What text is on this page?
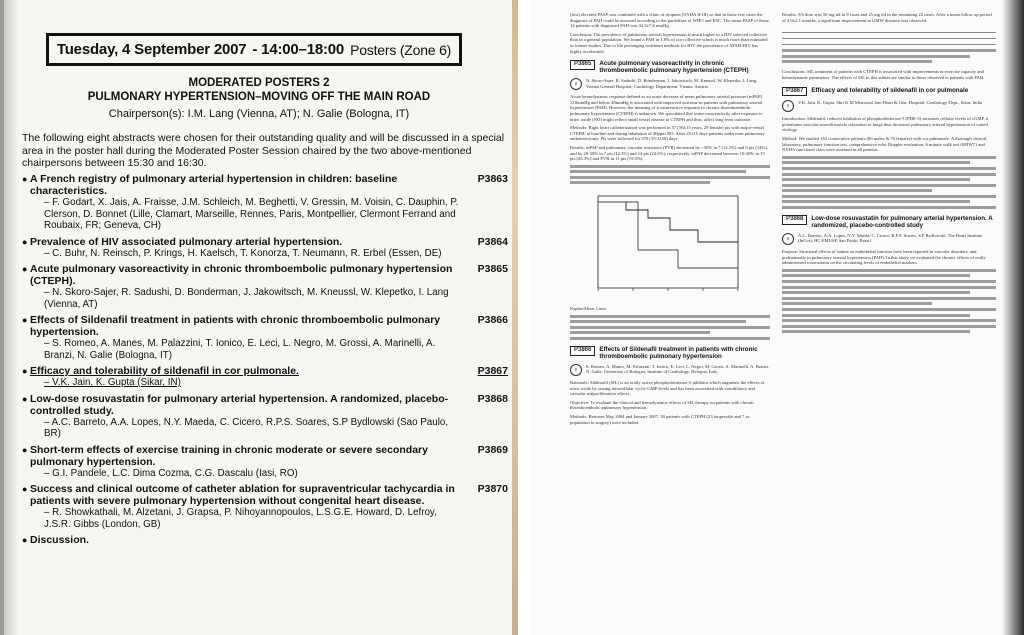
Tuesday, 4 September 2007 - 14:00–18:00 Posters (Zone 6)
MODERATED POSTERS 2
PULMONARY HYPERTENSION–MOVING OFF THE MAIN ROAD
Chairperson(s): I.M. Lang (Vienna, AT); N. Galie (Bologna, IT)
The following eight abstracts were chosen for their outstanding quality and will be discussed in a special area in the poster hall during the Moderated Poster Session chaired by the two above-mentioned chairpersons between 15:30 and 16:30.
● A French registry of pulmonary arterial hypertension in children: baseline characteristics.
P3863
– F. Godart, X. Jais, A. Fraisse, J.M. Schleich, M. Beghetti, V. Gressin, M. Voisin, C. Dauphin, P. Clerson, D. Bonnet (Lille, Clamart, Marseille, Rennes, Paris, Montpellier, Clermont Ferrand and Roubaix, FR; Geneva, CH)
● Prevalence of HIV associated pulmonary arterial hypertension.	P3864
– C. Buhr, N. Reinsch, P. Krings, H. Kaelsch, T. Konorza, T. Neumann, R. Erbel (Essen, DE)
● Acute pulmonary vasoreactivity in chronic thromboembolic pulmonary hypertension (CTEPH).
P3865
– N. Skoro-Sajer, R. Sadushi, D. Bonderman, J. Jakowitsch, M. Kneussl, W. Klepetko, I. Lang (Vienna, AT)
● Effects of Sildenafil treatment in patients with chronic thromboembolic pulmonary hypertension.
P3866
– S. Romeo, A. Manes, M. Palazzini, T. Ionico, E. Leci, L. Negro, M. Grossi, A. Marinelli, A. Branzi, N. Galie (Bologna, IT)
● Efficacy and tolerability of sildenafil in cor pulmonale.	P3867
– V.K. Jain, K. Gupta (Sikar, IN)
● Low-dose rosuvastatin for pulmonary arterial hypertension. A randomized, placebo-controlled study.
P3868
– A.C. Barreto, A.A. Lopes, N.Y. Maeda, C. Cicero, R.P.S. Soares, S.P Bydlowski (Sao Paulo, BR)
● Short-term effects of exercise training in chronic moderate or severe secondary pulmonary hypertension.
P3869
– G.I. Pandele, L.C. Dima Cozma, C.G. Dascalu (Iasi, RO)
● Success and clinical outcome of catheter ablation for supraventricular tachycardia in patients with severe pulmonary hypertension without congenital heart disease.
P3870
– R. Showkathali, M. Alzetani, J. Grapsa, P. Nihoyannopoulos, L.S.G.E. Howard, D. Lefroy, J.S.R. Gibbs (London, GB)
● Discussion.

(low) elevated PASP was combined with a clinic of dyspnea (NYHA II-III) so that in those few cases the diagnosis of PAH could be assessed according to the guidelines of WHO and ESC. The mean PASP of those 14 patients with diagnosed PAH was 44.5±7.6 mmHg.

Conclusion: The prevalence of pulmonary arterial hypertension is much higher in a HIV infected collective than in a general population. We found a PAH in 1.8% of our collective which is much more than estimated in former studies. Due to life prolonging treatment methods for HIV the prevalence of APAH-HIV has highly accelerated.

P3865	Acute pulmonary vasoreactivity in chronic thromboembolic pulmonary hypertension (CTEPH)
♀	N. Skoro-Sajer, R. Sadushi, D. Bonderman, J. Jakowitsch, M. Kneussl, W. Klepetko, I. Lang. Vienna General Hospital, Cardiology Department, Vienna, Austria

Acute hemodynamic response defined as an acute decrease of mean pulmonary arterial pressure (mPAP) ≥10mmHg and below 40mmHg is associated with improved outcome in patients with pulmonary arterial hypertension (PAH). However, the meaning of a vasoreactive response in chronic thromboembolic pulmonary hypertension (CTEPH) is unknown. We speculated that acute vasoreactivity after exposure to nitric oxide (NO) might reflect small vessel disease in CTEPH and thus, affect long term outcome.

Methods: Right heart catheterization was performed in 57 (56±15 years, 29 female) pts with major-vessel CTEPH, at baseline and during inhalation of 40ppm NO. After 25±15 days patients underwent pulmonary endarterectomy. Pts were followed for 370 (35-3150) days.

Results: mPAP and pulmonary vascular resistance (PVR) decreased by >30% in 7 (12.3%) and 6 pts (14%), and by 20-30% in 7 pts (12.3%) and 14 pts (24.6%), respectively. mPAP decreased between 10-20% in 15 pts (26.3%) and PVR in 11 pts (19.3%).

Kaplan-Meier Curve
P3866	Effects of Sildenafil treatment in patients with chronic thromboembolic pulmonary hypertension
♀	S. Romeo, A. Manes, M. Palazzini, T. Ionico, E. Leci, L. Negro, M. Grossi, A. Marinelli, A. Branzi, N. Galie. University of Bologna, Institute of Cardiology, Bologna, Italy

Rationale: Sildenafil (SIL) is an orally active phosphodiesterase-5 inhibitor which augments the effects of nitric oxide by raising intracellular cyclic-GMP levels and has been associated with vasodilatory and vascular antiproliferative effects.

Objective: To evaluate the clinical and hemodynamic effects of SIL therapy on patients with chronic thromboembolic pulmonary hypertension.

Methods: Between May 2004 and January 2007, 30 patients with CTEPH (23 inoperable and 7 as population to surgery) were included.

Results: 5/6 dose was 50 mg tid in 8 cases and 25 mg tid in the remaining 22 cases. After a mean follow up period of 4.9±2.1 months, a significant improvement in GMW distance was observed.

Conclusions: SIL treatment of patients with CTEPH is associated with improvements in exercise capacity and hemodynamic parameters. The effects of SIL in this subset are similar to those observed in patients with PAH.

P3867	Efficacy and tolerability of sildenafil in cor pulmonale
♀	V.K. Jain, K. Gupta. Shri K M Memorial Jain Heart & Gen. Hospital, Cardiology Dept., Sikar, India

Introduction: Sildenafil, reduced inhibition of phosphodiesterase-5 (PDE-5) increases cellular levels of cGMP, it potentiates vascular smooth muscle relaxation in lungs thus decreases pulmonary arterial hypertension of varied etiology.

Method: We studied 162 consecutive patients (86 males & 76 females) with cor pulmonale. A thorough clinical, laboratory, pulmonary function test, comprehensive echo Doppler evaluation, 6 minute walk test (6MWT) and NYHA functional class were assessed in all patients.

P3868	Low-dose rosuvastatin for pulmonary arterial hypertension. A randomized, placebo-controlled study
♀	A.C. Barreto, A.A. Lopes, N.Y. Maeda, C. Cicero, R.P.S. Soares, S.P Bydlowski. The Heart Institute (InCor), HC-FMUSP, Sao Paulo, Brazil

Purpose: Structural effects of statins on endothelial function have been reported in vascular disorders, and preliminarily in pulmonary arterial hypertension (PAH). In this study we evaluated the chronic effects of orally administered rosuvastatin on the circulating levels of endothelial markers.
